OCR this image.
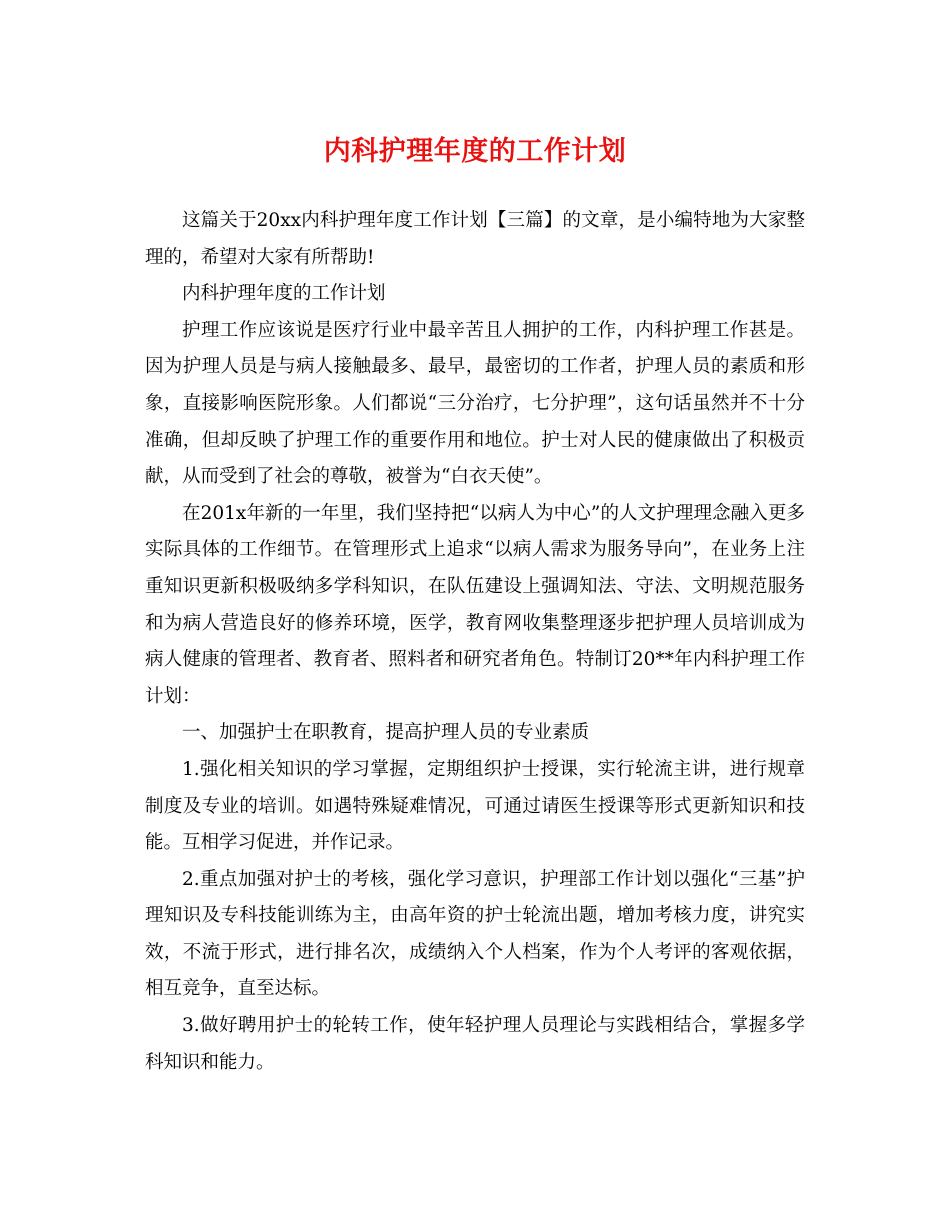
内科护理年度的工作计划

这篇关于20xx内科护理年度工作计划【三篇】的文章，是小编特地为大家整理的，希望对大家有所帮助!

内科护理年度的工作计划

护理工作应该说是医疗行业中最辛苦且人拥护的工作，内科护理工作甚是。因为护理人员是与病人接触最多、最早，最密切的工作者，护理人员的素质和形象，直接影响医院形象。人们都说“三分治疗，七分护理”，这句话虽然并不十分准确，但却反映了护理工作的重要作用和地位。护士对人民的健康做出了积极贡献，从而受到了社会的尊敬，被誉为“白衣天使”。

在201x年新的一年里，我们坚持把“以病人为中心”的人文护理理念融入更多实际具体的工作细节。在管理形式上追求“以病人需求为服务导向”，在业务上注重知识更新积极吸纳多学科知识，在队伍建设上强调知法、守法、文明规范服务和为病人营造良好的修养环境，医学，教育网收集整理逐步把护理人员培训成为病人健康的管理者、教育者、照料者和研究者角色。特制订20**年内科护理工作计划：

一、加强护士在职教育，提高护理人员的专业素质

1.强化相关知识的学习掌握，定期组织护士授课，实行轮流主讲，进行规章制度及专业的培训。如遇特殊疑难情况，可通过请医生授课等形式更新知识和技能。互相学习促进，并作记录。

2.重点加强对护士的考核，强化学习意识，护理部工作计划以强化“三基”护理知识及专科技能训练为主，由高年资的护士轮流出题，增加考核力度，讲究实效，不流于形式，进行排名次，成绩纳入个人档案，作为个人考评的客观依据，相互竞争，直至达标。

3.做好聘用护士的轮转工作，使年轻护理人员理论与实践相结合，掌握多学科知识和能力。
